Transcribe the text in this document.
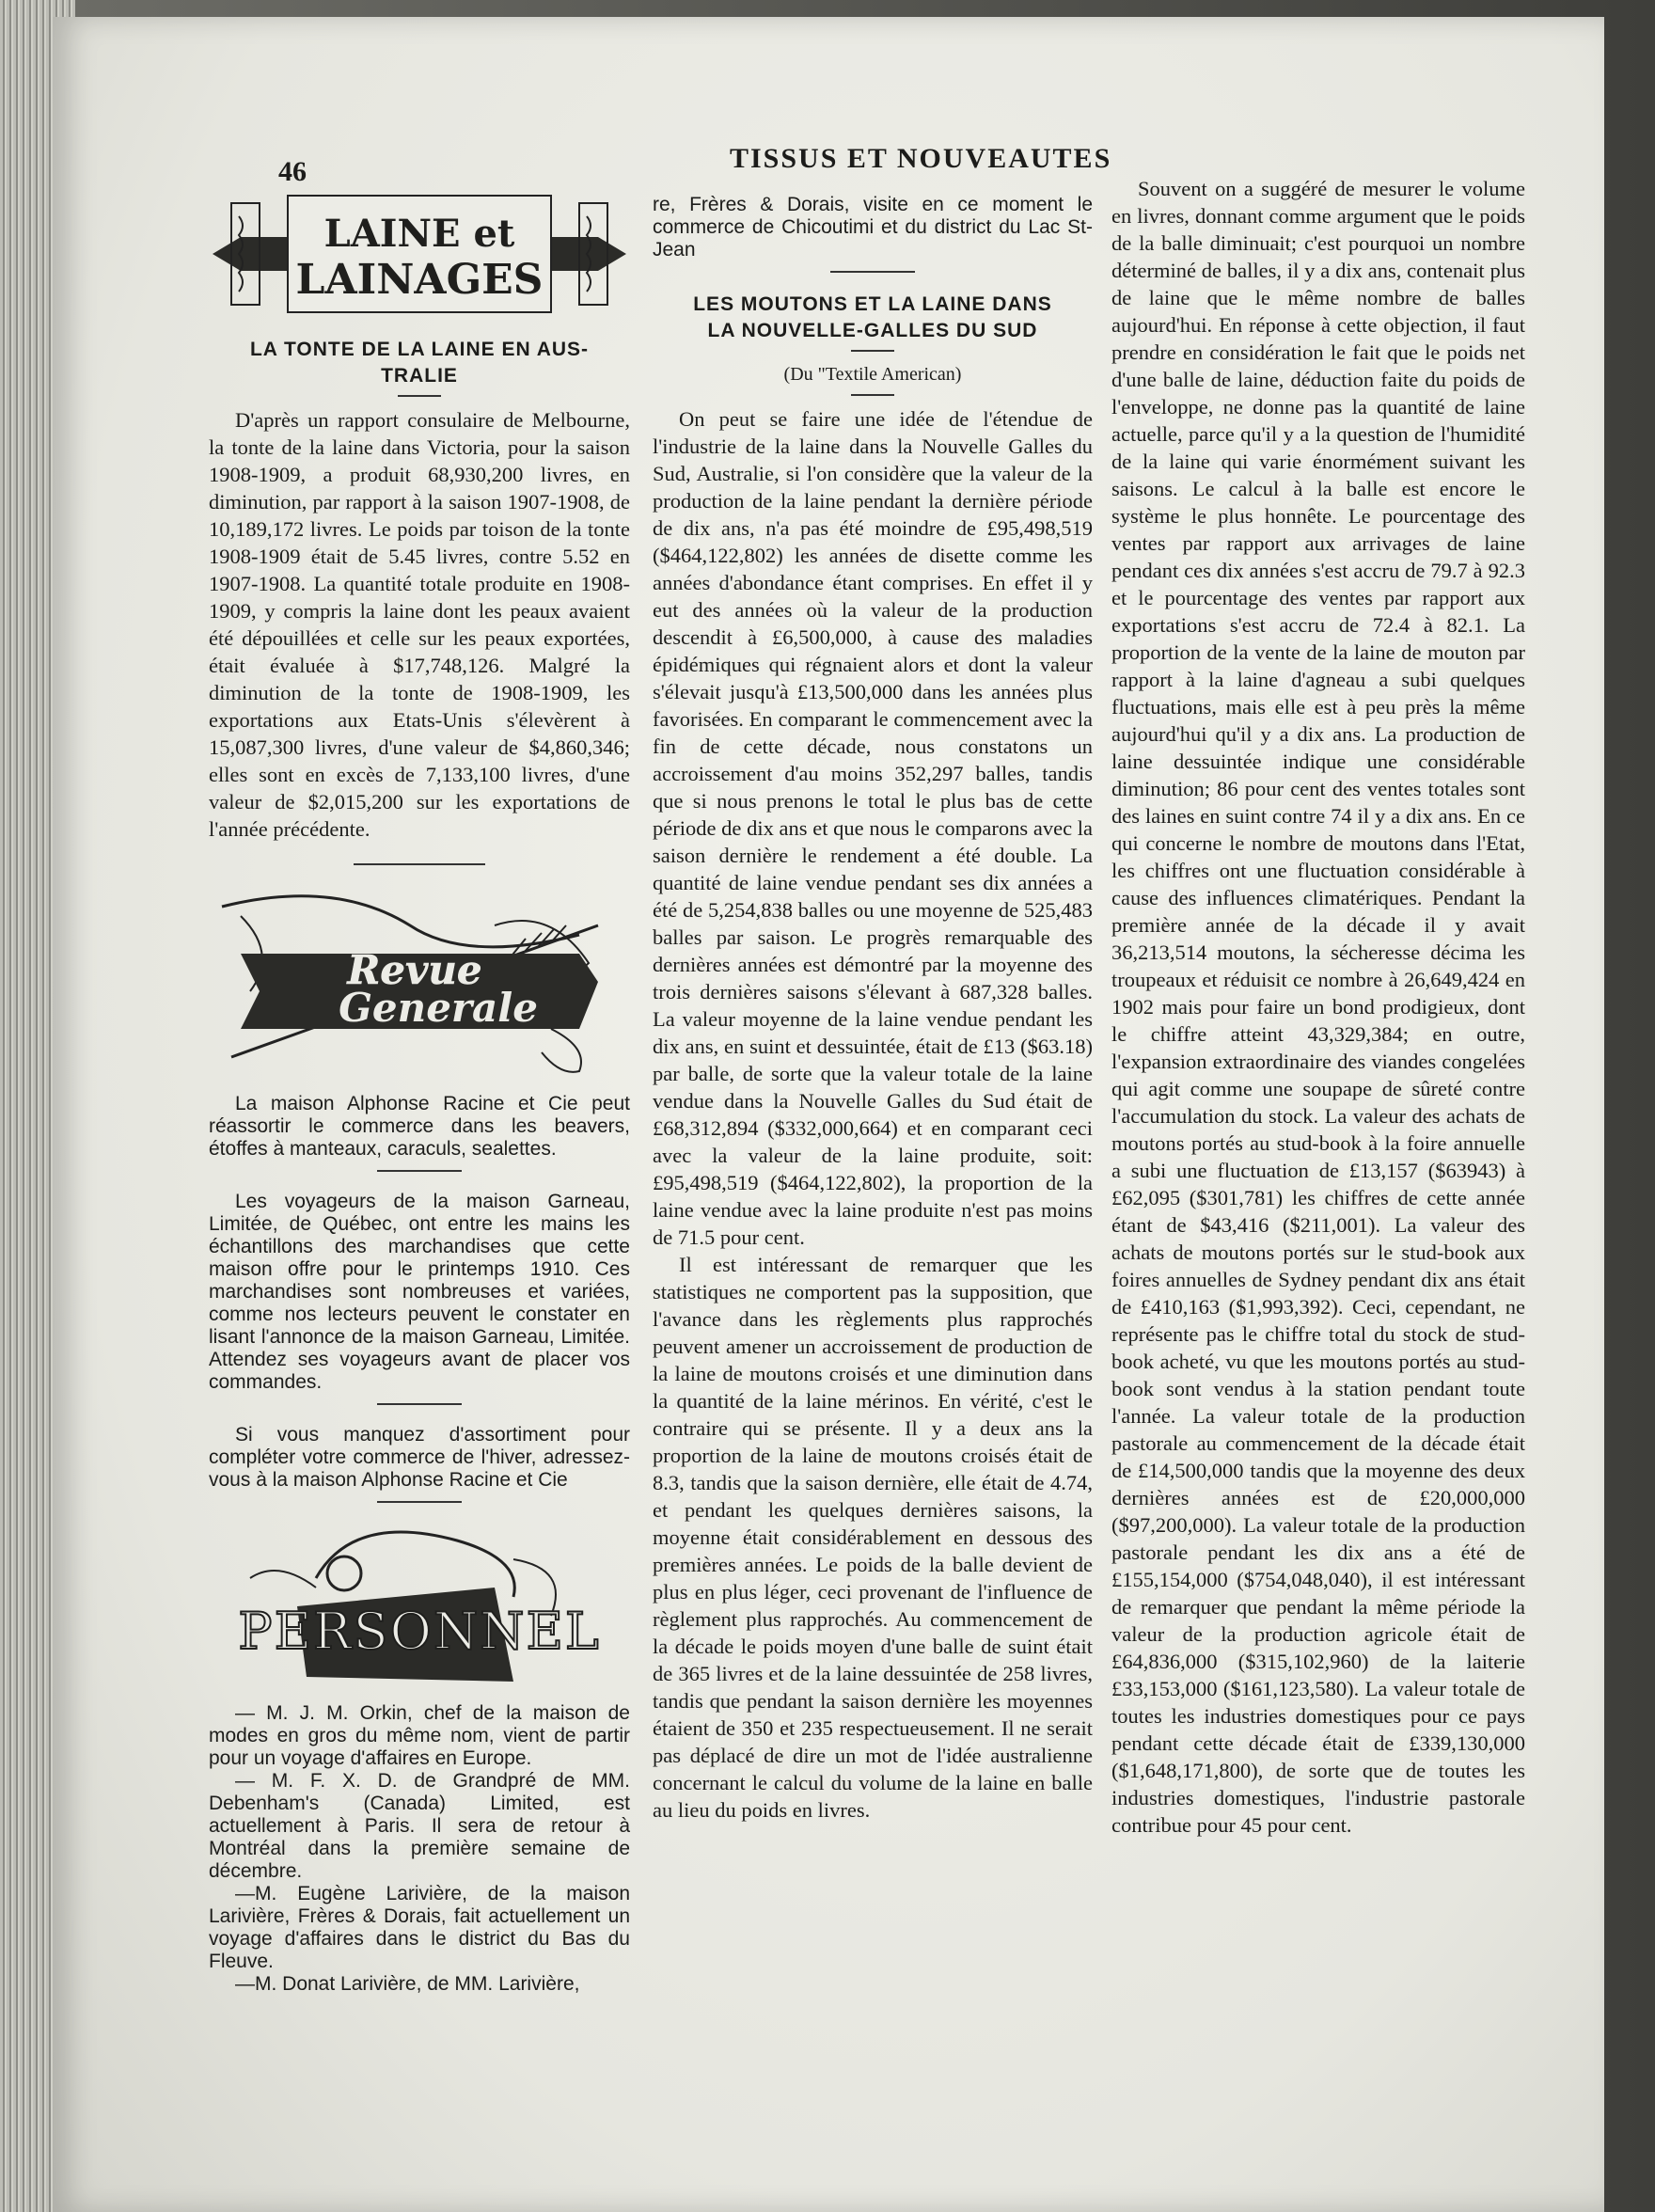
46	TISSUS ET NOUVEAUTES
LAINE et
LAINAGES
LA TONTE DE LA LAINE EN AUS-
TRALIE

D'après un rapport consulaire de Melbourne, la tonte de la laine dans Victoria, pour la saison 1908-1909, a produit 68,930,200 livres, en diminution, par rapport à la saison 1907-1908, de 10,189,172 livres. Le poids par toison de la tonte 1908-1909 était de 5.45 livres, contre 5.52 en 1907-1908. La quantité totale produite en 1908-1909, y compris la laine dont les peaux avaient été dépouillées et celle sur les peaux exportées, était évaluée à $17,748,126. Malgré la diminution de la tonte de 1908-1909, les exportations aux Etats-Unis s'élevèrent à 15,087,300 livres, d'une valeur de $4,860,346; elles sont en excès de 7,133,100 livres, d'une valeur de $2,015,200 sur les exportations de l'année précédente.

Revue
Generale

La maison Alphonse Racine et Cie peut réassortir le commerce dans les beavers, étoffes à manteaux, caraculs, sealettes.

Les voyageurs de la maison Garneau, Limitée, de Québec, ont entre les mains les échantillons des marchandises que cette maison offre pour le printemps 1910. Ces marchandises sont nombreuses et variées, comme nos lecteurs peuvent le constater en lisant l'annonce de la maison Garneau, Limitée. Attendez ses voyageurs avant de placer vos commandes.

Si vous manquez d'assortiment pour compléter votre commerce de l'hiver, adressez-vous à la maison Alphonse Racine et Cie

PERSONNEL

— M. J. M. Orkin, chef de la maison de modes en gros du même nom, vient de partir pour un voyage d'affaires en Europe.

— M. F. X. D. de Grandpré de MM. Debenham's (Canada) Limited, est actuellement à Paris. Il sera de retour à Montréal dans la première semaine de décembre.

—M. Eugène Larivière, de la maison Larivière, Frères & Dorais, fait actuellement un voyage d'affaires dans le district du Bas du Fleuve.

—M. Donat Larivière, de MM. Larivière,

re, Frères & Dorais, visite en ce moment le commerce de Chicoutimi et du district du Lac St-Jean

LES MOUTONS ET LA LAINE DANS
LA NOUVELLE-GALLES DU SUD
(Du "Textile American)

On peut se faire une idée de l'étendue de l'industrie de la laine dans la Nouvelle Galles du Sud, Australie, si l'on considère que la valeur de la production de la laine pendant la dernière période de dix ans, n'a pas été moindre de £95,498,519 ($464,122,802) les années de disette comme les années d'abondance étant comprises. En effet il y eut des années où la valeur de la production descendit à £6,500,000, à cause des maladies épidémiques qui régnaient alors et dont la valeur s'élevait jusqu'à £13,500,000 dans les années plus favorisées. En comparant le commencement avec la fin de cette décade, nous constatons un accroissement d'au moins 352,297 balles, tandis que si nous prenons le total le plus bas de cette période de dix ans et que nous le comparons avec la saison dernière le rendement a été double. La quantité de laine vendue pendant ses dix années a été de 5,254,838 balles ou une moyenne de 525,483 balles par saison. Le progrès remarquable des dernières années est démontré par la moyenne des trois dernières saisons s'élevant à 687,328 balles. La valeur moyenne de la laine vendue pendant les dix ans, en suint et dessuintée, était de £13 ($63.18) par balle, de sorte que la valeur totale de la laine vendue dans la Nouvelle Galles du Sud était de £68,312,894 ($332,000,664) et en comparant ceci avec la valeur de la laine produite, soit: £95,498,519 ($464,122,802), la proportion de la laine vendue avec la laine produite n'est pas moins de 71.5 pour cent.

Il est intéressant de remarquer que les statistiques ne comportent pas la supposition, que l'avance dans les règlements plus rapprochés peuvent amener un accroissement de production de la laine de moutons croisés et une diminution dans la quantité de la laine mérinos. En vérité, c'est le contraire qui se présente. Il y a deux ans la proportion de la laine de moutons croisés était de 8.3, tandis que la saison dernière, elle était de 4.74, et pendant les quelques dernières saisons, la moyenne était considérablement en dessous des premières années. Le poids de la balle devient de plus en plus léger, ceci provenant de l'influence de règlement plus rapprochés. Au commencement de la décade le poids moyen d'une balle de suint était de 365 livres et de la laine dessuintée de 258 livres, tandis que pendant la saison dernière les moyennes étaient de 350 et 235 respectueusement. Il ne serait pas déplacé de dire un mot de l'idée australienne concernant le calcul du volume de la laine en balle au lieu du poids en livres.

Souvent on a suggéré de mesurer le volume en livres, donnant comme argument que le poids de la balle diminuait; c'est pourquoi un nombre déterminé de balles, il y a dix ans, contenait plus de laine que le même nombre de balles aujourd'hui. En réponse à cette objection, il faut prendre en considération le fait que le poids net d'une balle de laine, déduction faite du poids de l'enveloppe, ne donne pas la quantité de laine actuelle, parce qu'il y a la question de l'humidité de la laine qui varie énormément suivant les saisons. Le calcul à la balle est encore le système le plus honnête. Le pourcentage des ventes par rapport aux arrivages de laine pendant ces dix années s'est accru de 79.7 à 92.3 et le pourcentage des ventes par rapport aux exportations s'est accru de 72.4 à 82.1. La proportion de la vente de la laine de mouton par rapport à la laine d'agneau a subi quelques fluctuations, mais elle est à peu près la même aujourd'hui qu'il y a dix ans. La production de laine dessuintée indique une considérable diminution; 86 pour cent des ventes totales sont des laines en suint contre 74 il y a dix ans. En ce qui concerne le nombre de moutons dans l'Etat, les chiffres ont une fluctuation considérable à cause des influences climatériques. Pendant la première année de la décade il y avait 36,213,514 moutons, la sécheresse décima les troupeaux et réduisit ce nombre à 26,649,424 en 1902 mais pour faire un bond prodigieux, dont le chiffre atteint 43,329,384; en outre, l'expansion extraordinaire des viandes congelées qui agit comme une soupape de sûreté contre l'accumulation du stock. La valeur des achats de moutons portés au stud-book à la foire annuelle a subi une fluctuation de £13,157 ($63943) à £62,095 ($301,781) les chiffres de cette année étant de $43,416 ($211,001). La valeur des achats de moutons portés sur le stud-book aux foires annuelles de Sydney pendant dix ans était de £410,163 ($1,993,392). Ceci, cependant, ne représente pas le chiffre total du stock de stud-book acheté, vu que les moutons portés au stud-book sont vendus à la station pendant toute l'année. La valeur totale de la production pastorale au commencement de la décade était de £14,500,000 tandis que la moyenne des deux dernières années est de £20,000,000 ($97,200,000). La valeur totale de la production pastorale pendant les dix ans a été de £155,154,000 ($754,048,040), il est intéressant de remarquer que pendant la même période la valeur de la production agricole était de £64,836,000 ($315,102,960) de la laiterie £33,153,000 ($161,123,580). La valeur totale de toutes les industries domestiques pour ce pays pendant cette décade était de £339,130,000 ($1,648,171,800), de sorte que de toutes les industries domestiques, l'industrie pastorale contribue pour 45 pour cent.
